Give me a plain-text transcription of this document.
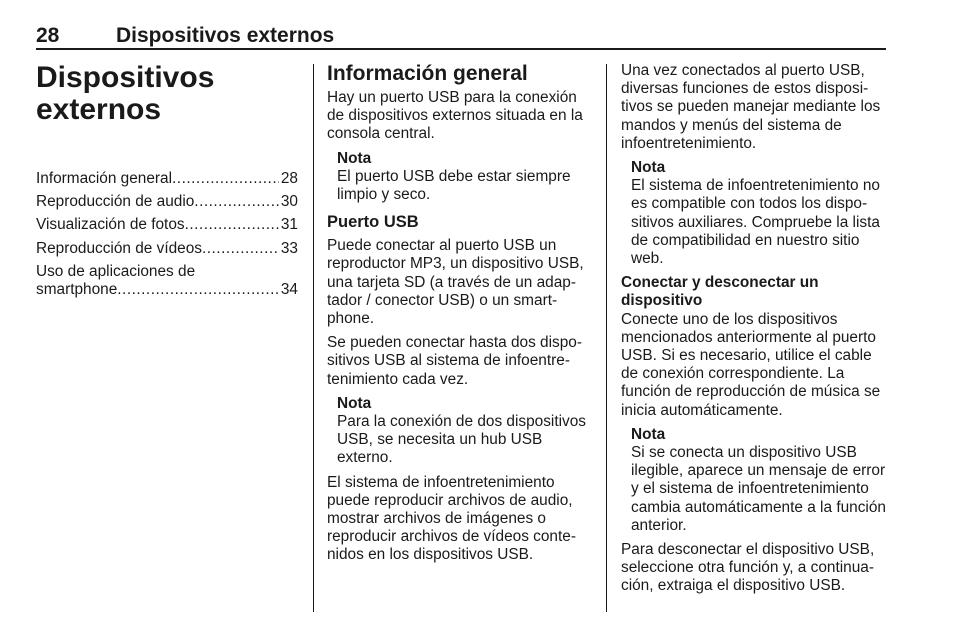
28	Dispositivos externos
Dispositivos externos
Información general .....	28
Reproducción de audio .....	30
Visualización de fotos .....	31
Reproducción de vídeos .....	33
Uso de aplicaciones de
smartphone .....	34
Información general

Hay un puerto USB para la conexión de dispositivos externos situada en la consola central.

Nota
El puerto USB debe estar siempre limpio y seco.
Puerto USB

Puede conectar al puerto USB un reproductor MP3, un dispositivo USB, una tarjeta SD (a través de un adaptador / conector USB) o un smartphone.

Se pueden conectar hasta dos dispositivos USB al sistema de infoentretenimiento cada vez.

Nota
Para la conexión de dos dispositivos USB, se necesita un hub USB externo.

El sistema de infoentretenimiento puede reproducir archivos de audio, mostrar archivos de imágenes o reproducir archivos de vídeos contenidos en los dispositivos USB.

Una vez conectados al puerto USB, diversas funciones de estos dispositivos se pueden manejar mediante los mandos y menús del sistema de infoentretenimiento.

Nota
El sistema de infoentretenimiento no es compatible con todos los dispositivos auxiliares. Compruebe la lista de compatibilidad en nuestro sitio web.
Conectar y desconectar un dispositivo

Conecte uno de los dispositivos mencionados anteriormente al puerto USB. Si es necesario, utilice el cable de conexión correspondiente. La función de reproducción de música se inicia automáticamente.

Nota
Si se conecta un dispositivo USB ilegible, aparece un mensaje de error y el sistema de infoentretenimiento cambia automáticamente a la función anterior.

Para desconectar el dispositivo USB, seleccione otra función y, a continuación, extraiga el dispositivo USB.
